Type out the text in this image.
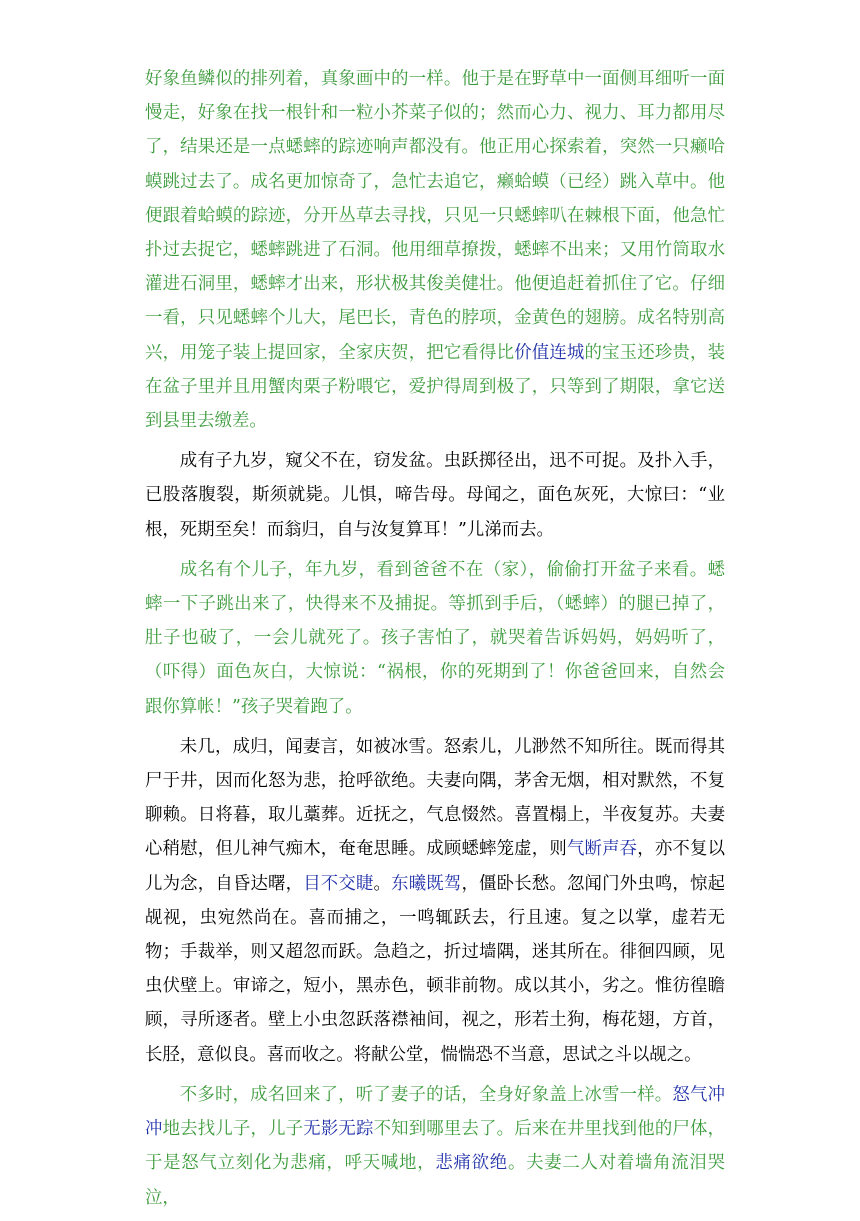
好象鱼鳞似的排列着，真象画中的一样。他于是在野草中一面侧耳细听一面慢走，好象在找一根针和一粒小芥菜子似的；然而心力、视力、耳力都用尽了，结果还是一点蟋蟀的踪迹响声都没有。他正用心探索着，突然一只癞哈蟆跳过去了。成名更加惊奇了，急忙去追它，癞蛤蟆（已经）跳入草中。他便跟着蛤蟆的踪迹，分开丛草去寻找，只见一只蟋蟀叭在棘根下面，他急忙扑过去捉它，蟋蟀跳进了石洞。他用细草撩拨，蟋蟀不出来；又用竹筒取水灌进石洞里，蟋蟀才出来，形状极其俊美健壮。他便追赶着抓住了它。仔细一看，只见蟋蟀个儿大，尾巴长，青色的脖项，金黄色的翅膀。成名特别高兴，用笼子装上提回家，全家庆贺，把它看得比价值连城的宝玉还珍贵，装在盆子里并且用蟹肉栗子粉喂它，爱护得周到极了，只等到了期限，拿它送到县里去缴差。

成有子九岁，窥父不在，窃发盆。虫跃掷径出，迅不可捉。及扑入手，已股落腹裂，斯须就毙。儿惧，啼告母。母闻之，面色灰死，大惊曰：“业根，死期至矣！而翁归，自与汝复算耳！”儿涕而去。

成名有个儿子，年九岁，看到爸爸不在（家），偷偷打开盆子来看。蟋蟀一下子跳出来了，快得来不及捕捉。等抓到手后，（蟋蟀）的腿已掉了，肚子也破了，一会儿就死了。孩子害怕了，就哭着告诉妈妈，妈妈听了，（吓得）面色灰白，大惊说：“祸根，你的死期到了！你爸爸回来，自然会跟你算帐！”孩子哭着跑了。

未几，成归，闻妻言，如被冰雪。怒索儿，儿渺然不知所往。既而得其尸于井，因而化怒为悲，抢呼欲绝。夫妻向隅，茅舍无烟，相对默然，不复聊赖。日将暮，取儿藁葬。近抚之，气息惙然。喜置榻上，半夜复苏。夫妻心稍慰，但儿神气痴木，奄奄思睡。成顾蟋蟀笼虚，则气断声吞，亦不复以儿为念，自昏达曙，目不交睫。东曦既驾，僵卧长愁。忽闻门外虫鸣，惊起觇视，虫宛然尚在。喜而捕之，一鸣辄跃去，行且速。复之以掌，虚若无物；手裁举，则又超忽而跃。急趋之，折过墙隅，迷其所在。徘徊四顾，见虫伏壁上。审谛之，短小，黑赤色，顿非前物。成以其小，劣之。惟彷徨瞻顾，寻所逐者。壁上小虫忽跃落襟袖间，视之，形若土狗，梅花翅，方首，长胫，意似良。喜而收之。将献公堂，惴惴恐不当意，思试之斗以觇之。

不多时，成名回来了，听了妻子的话，全身好象盖上冰雪一样。怒气冲冲地去找儿子，儿子无影无踪不知到哪里去了。后来在井里找到他的尸体，于是怒气立刻化为悲痛，呼天喊地，悲痛欲绝。夫妻二人对着墙角流泪哭泣，
